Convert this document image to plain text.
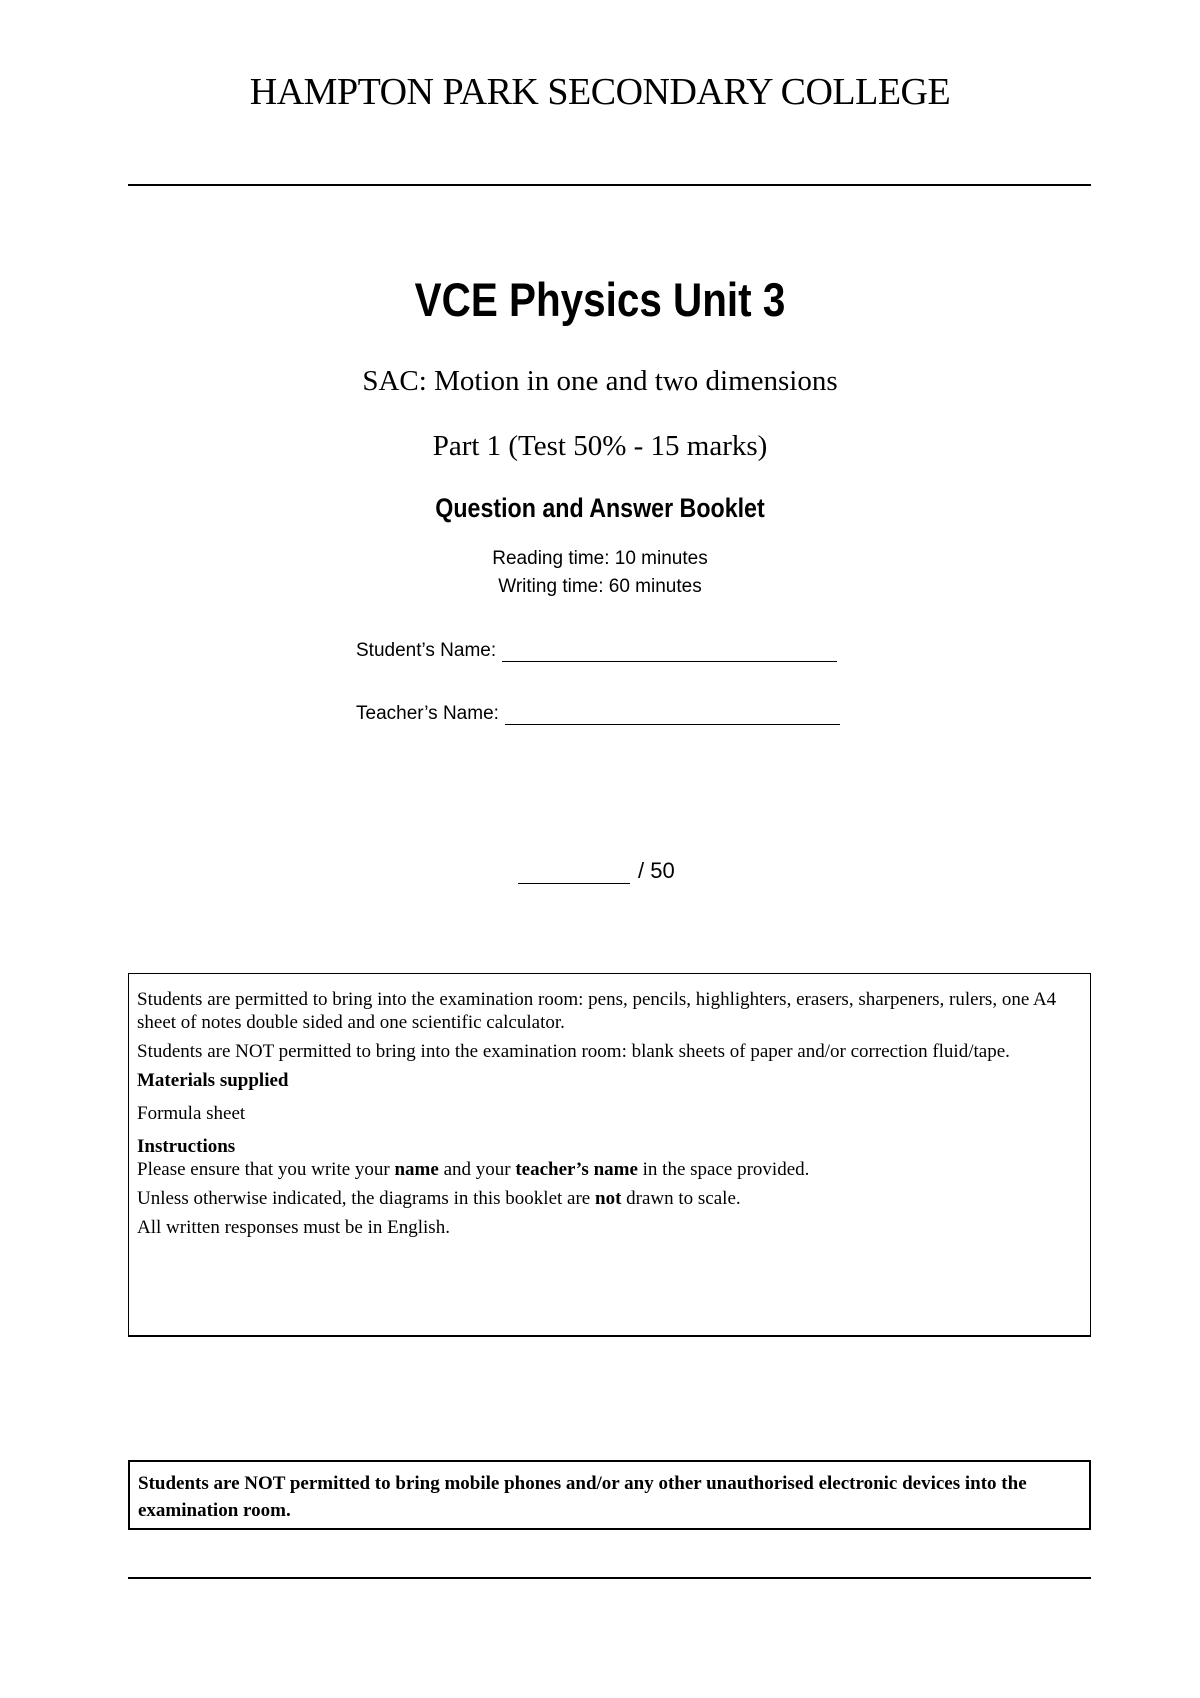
HAMPTON PARK SECONDARY COLLEGE
VCE Physics Unit 3
SAC: Motion in one and two dimensions
Part 1 (Test 50% - 15 marks)
Question and Answer Booklet
Reading time: 10 minutes
Writing time: 60 minutes
Student’s Name:
Teacher’s Name:
/ 50

Students are permitted to bring into the examination room: pens, pencils, highlighters, erasers, sharpeners, rulers, one A4 sheet of notes double sided and one scientific calculator.

Students are NOT permitted to bring into the examination room: blank sheets of paper and/or correction fluid/tape.

Materials supplied

Formula sheet

Instructions

Please ensure that you write your name and your teacher’s name in the space provided.

Unless otherwise indicated, the diagrams in this booklet are not drawn to scale.

All written responses must be in English.

Students are NOT permitted to bring mobile phones and/or any other unauthorised electronic devices into the examination room.
